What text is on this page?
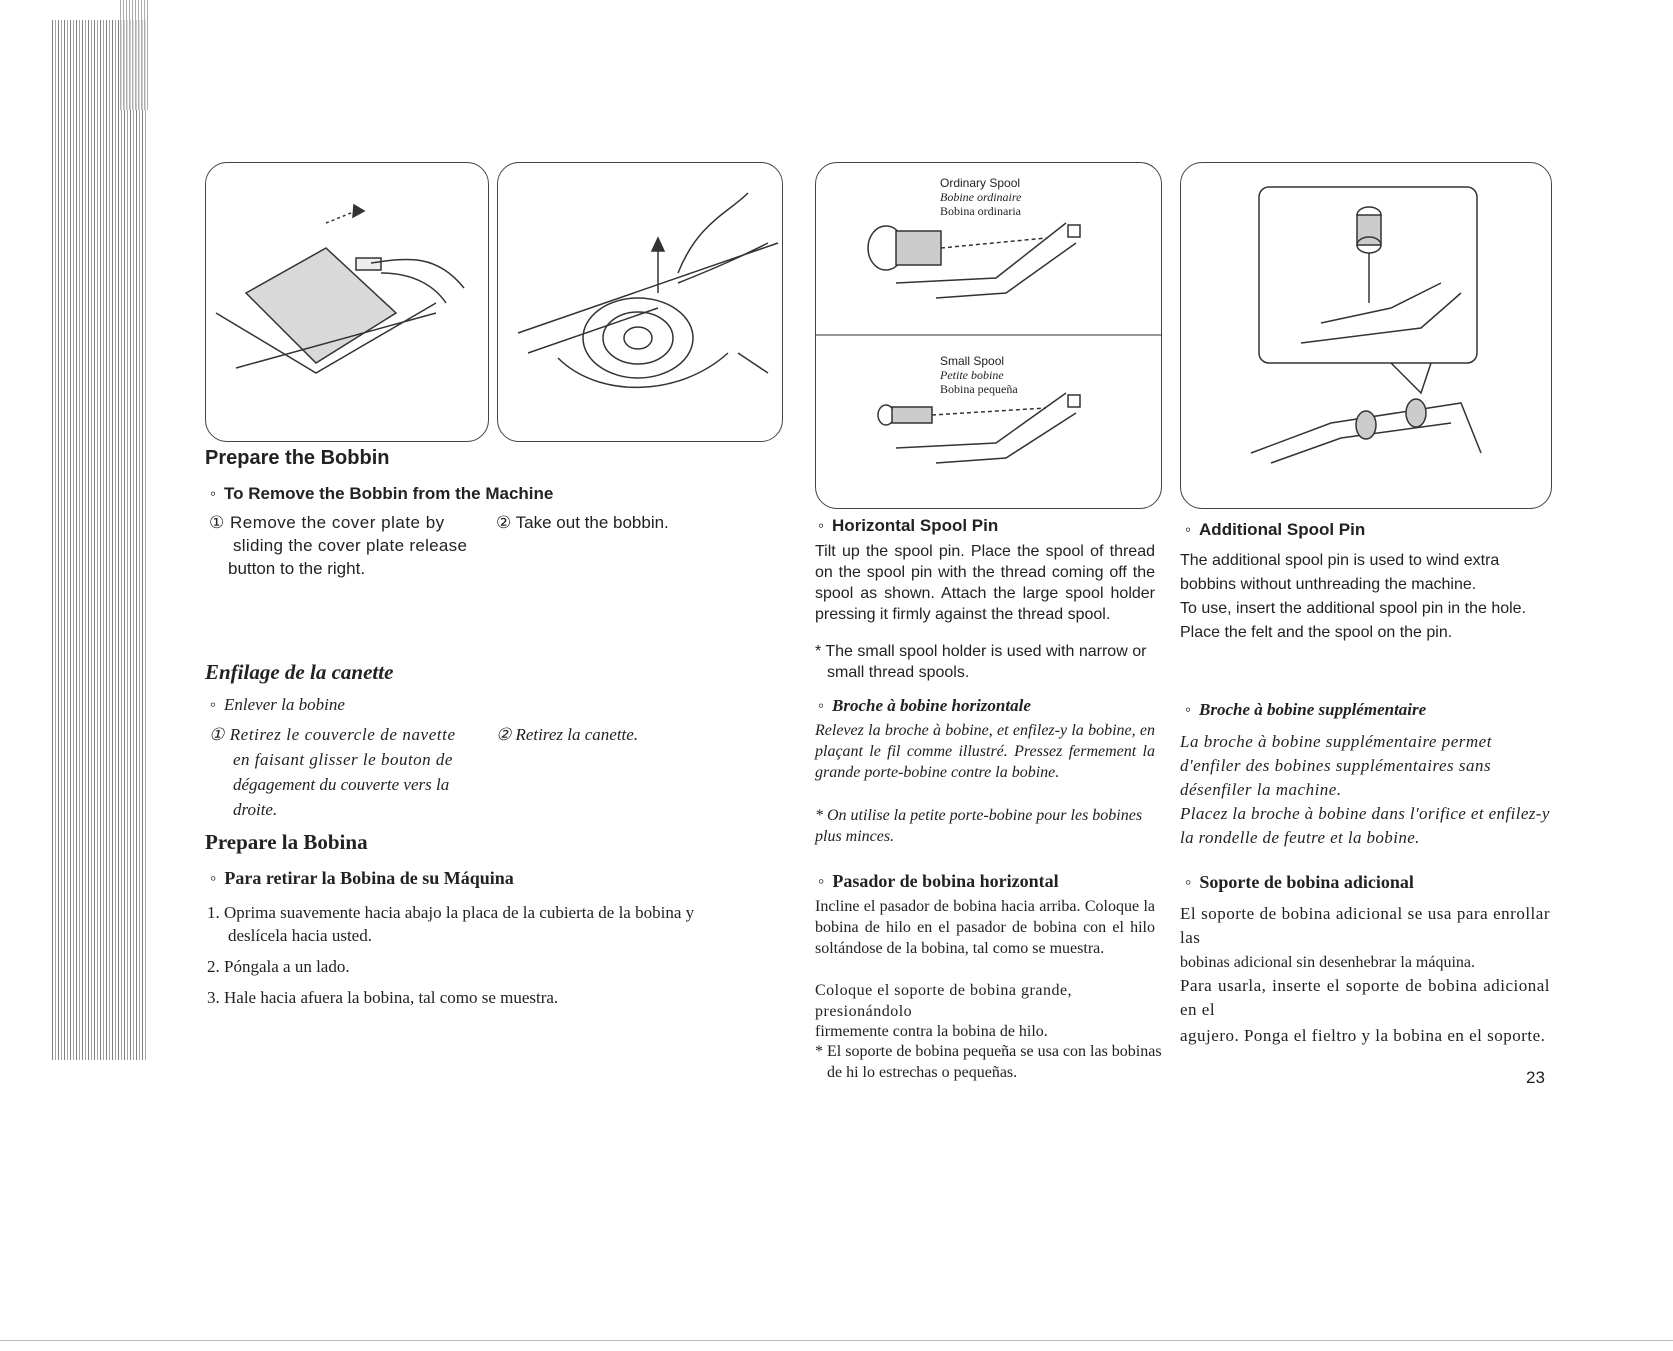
Ordinary Spool
Bobine ordinaire
Bobina ordinaria
Small Spool
Petite bobine
Bobina pequeña
Prepare the Bobbin
◦ To Remove the Bobbin from the Machine
① Remove the cover plate by
sliding the cover plate release
button to the right.
② Take out the bobbin.
Enfilage de la canette
◦ Enlever la bobine
① Retirez le couvercle de navette
en faisant glisser le bouton de
dégagement du couverte vers la
droite.
② Retirez la canette.
Prepare la Bobina
◦ Para retirar la Bobina de su Máquina
1. Oprima suavemente hacia abajo la placa de la cubierta de la bobina y
deslícela hacia usted.
2. Póngala a un lado.
3. Hale hacia afuera la bobina, tal como se muestra.
◦ Horizontal Spool Pin
Tilt up the spool pin. Place the spool of thread on the spool pin with the thread coming off the spool as shown. Attach the large spool holder pressing it firmly against the thread spool.
* The small spool holder is used with narrow or small thread spools.
◦ Broche à bobine horizontale
Relevez la broche à bobine, et enfilez-y la bobine, en plaçant le fil comme illustré. Pressez fermement la grande porte-bobine contre la bobine.
* On utilise la petite porte-bobine pour les bobines plus minces.
◦ Pasador de bobina horizontal
Incline el pasador de bobina hacia arriba. Coloque la bobina de hilo en el pasador de bobina con el hilo soltándose de la bobina, tal como se muestra.
Coloque el soporte de bobina grande, presionándolo
firmemente contra la bobina de hilo.
* El soporte de bobina pequeña se usa con las bobinas de hi lo estrechas o pequeñas.
◦ Additional Spool Pin
The additional spool pin is used to wind extra bobbins without unthreading the machine.
To use, insert the additional spool pin in the hole. Place the felt and the spool on the pin.
◦ Broche à bobine supplémentaire
La broche à bobine supplémentaire permet d'enfiler des bobines supplémentaires sans désenfiler la machine.
Placez la broche à bobine dans l'orifice et enfilez-y la rondelle de feutre et la bobine.
◦ Soporte de bobina adicional
El soporte de bobina adicional se usa para enrollar las
bobinas adicional sin desenhebrar la máquina.
Para usarla, inserte el soporte de bobina adicional en el
agujero. Ponga el fieltro y la bobina en el soporte.
23
